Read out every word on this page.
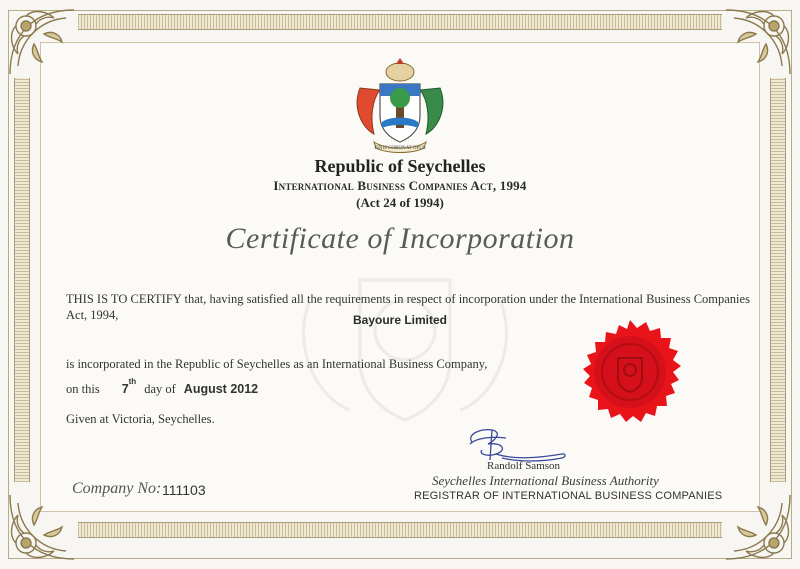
FINIS CORONAT OPUS
Republic of Seychelles
International Business Companies Act, 1994
(Act 24 of 1994)
Certificate of Incorporation
THIS IS TO CERTIFY that, having satisfied all the requirements in respect of incorporation under the International Business Companies Act, 1994,	Bayoure Limited
is incorporated in the Republic of Seychelles as an International Business Company,
on this 7thday of August 2012
Given at Victoria, Seychelles.
Randolf Samson
Seychelles International Business Authority
REGISTRAR OF INTERNATIONAL BUSINESS COMPANIES
Company No: 111103
